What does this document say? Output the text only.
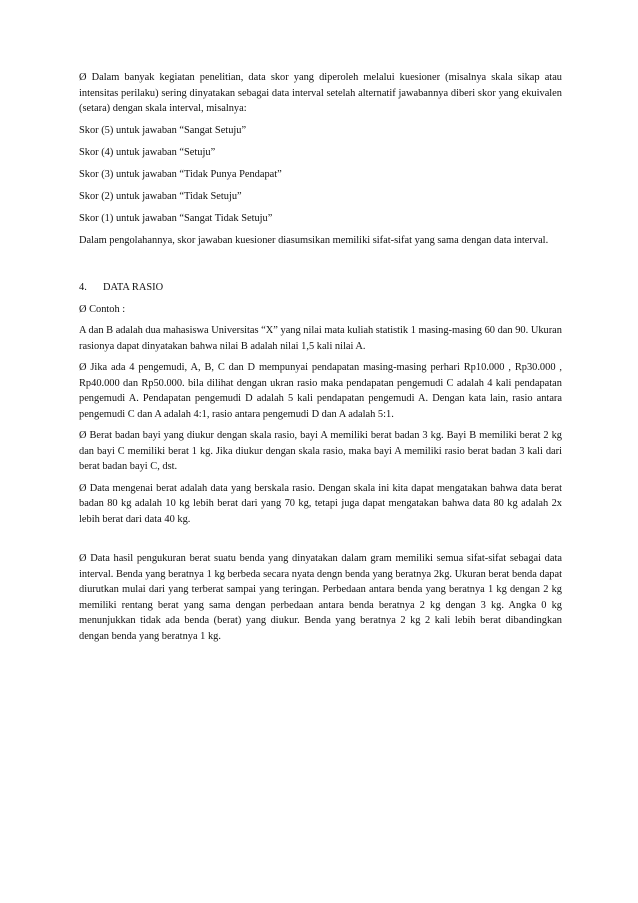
Ø Dalam banyak kegiatan penelitian, data skor yang diperoleh melalui kuesioner (misalnya skala sikap atau intensitas perilaku) sering dinyatakan sebagai data interval setelah alternatif jawabannya diberi skor yang ekuivalen (setara) dengan skala interval, misalnya:

Skor (5) untuk jawaban “Sangat Setuju”

Skor (4) untuk jawaban “Setuju”

Skor (3) untuk jawaban “Tidak Punya Pendapat”

Skor (2) untuk jawaban “Tidak Setuju”

Skor (1) untuk jawaban “Sangat Tidak Setuju”

Dalam pengolahannya, skor jawaban kuesioner diasumsikan memiliki sifat-sifat yang sama dengan data interval.

4. DATA RASIO

Ø Contoh :

A dan B adalah dua mahasiswa Universitas “X” yang nilai mata kuliah statistik 1 masing-masing 60 dan 90. Ukuran rasionya dapat dinyatakan bahwa nilai B adalah nilai 1,5 kali nilai A.

Ø Jika ada 4 pengemudi, A, B, C dan D mempunyai pendapatan masing-masing perhari Rp10.000 , Rp30.000 , Rp40.000 dan Rp50.000. bila dilihat dengan ukran rasio maka pendapatan pengemudi C adalah 4 kali pendapatan pengemudi A. Pendapatan pengemudi D adalah 5 kali pendapatan pengemudi A. Dengan kata lain, rasio antara pengemudi C dan A adalah 4:1, rasio antara pengemudi D dan A adalah 5:1.

Ø Berat badan bayi yang diukur dengan skala rasio, bayi A memiliki berat badan 3 kg. Bayi B memiliki berat 2 kg dan bayi C memiliki berat 1 kg. Jika diukur dengan skala rasio, maka bayi A memiliki rasio berat badan 3 kali dari berat badan bayi C, dst.

Ø Data mengenai berat adalah data yang berskala rasio. Dengan skala ini kita dapat mengatakan bahwa data berat badan 80 kg adalah 10 kg lebih berat dari yang 70 kg, tetapi juga dapat mengatakan bahwa data 80 kg adalah 2x lebih berat dari data 40 kg.

Ø Data hasil pengukuran berat suatu benda yang dinyatakan dalam gram memiliki semua sifat-sifat sebagai data interval. Benda yang beratnya 1 kg berbeda secara nyata dengn benda yang beratnya 2kg. Ukuran berat benda dapat diurutkan mulai dari yang terberat sampai yang teringan. Perbedaan antara benda yang beratnya 1 kg dengan 2 kg memiliki rentang berat yang sama dengan perbedaan antara benda beratnya 2 kg dengan 3 kg. Angka 0 kg menunjukkan tidak ada benda (berat) yang diukur. Benda yang beratnya 2 kg 2 kali lebih berat dibandingkan dengan benda yang beratnya 1 kg.
